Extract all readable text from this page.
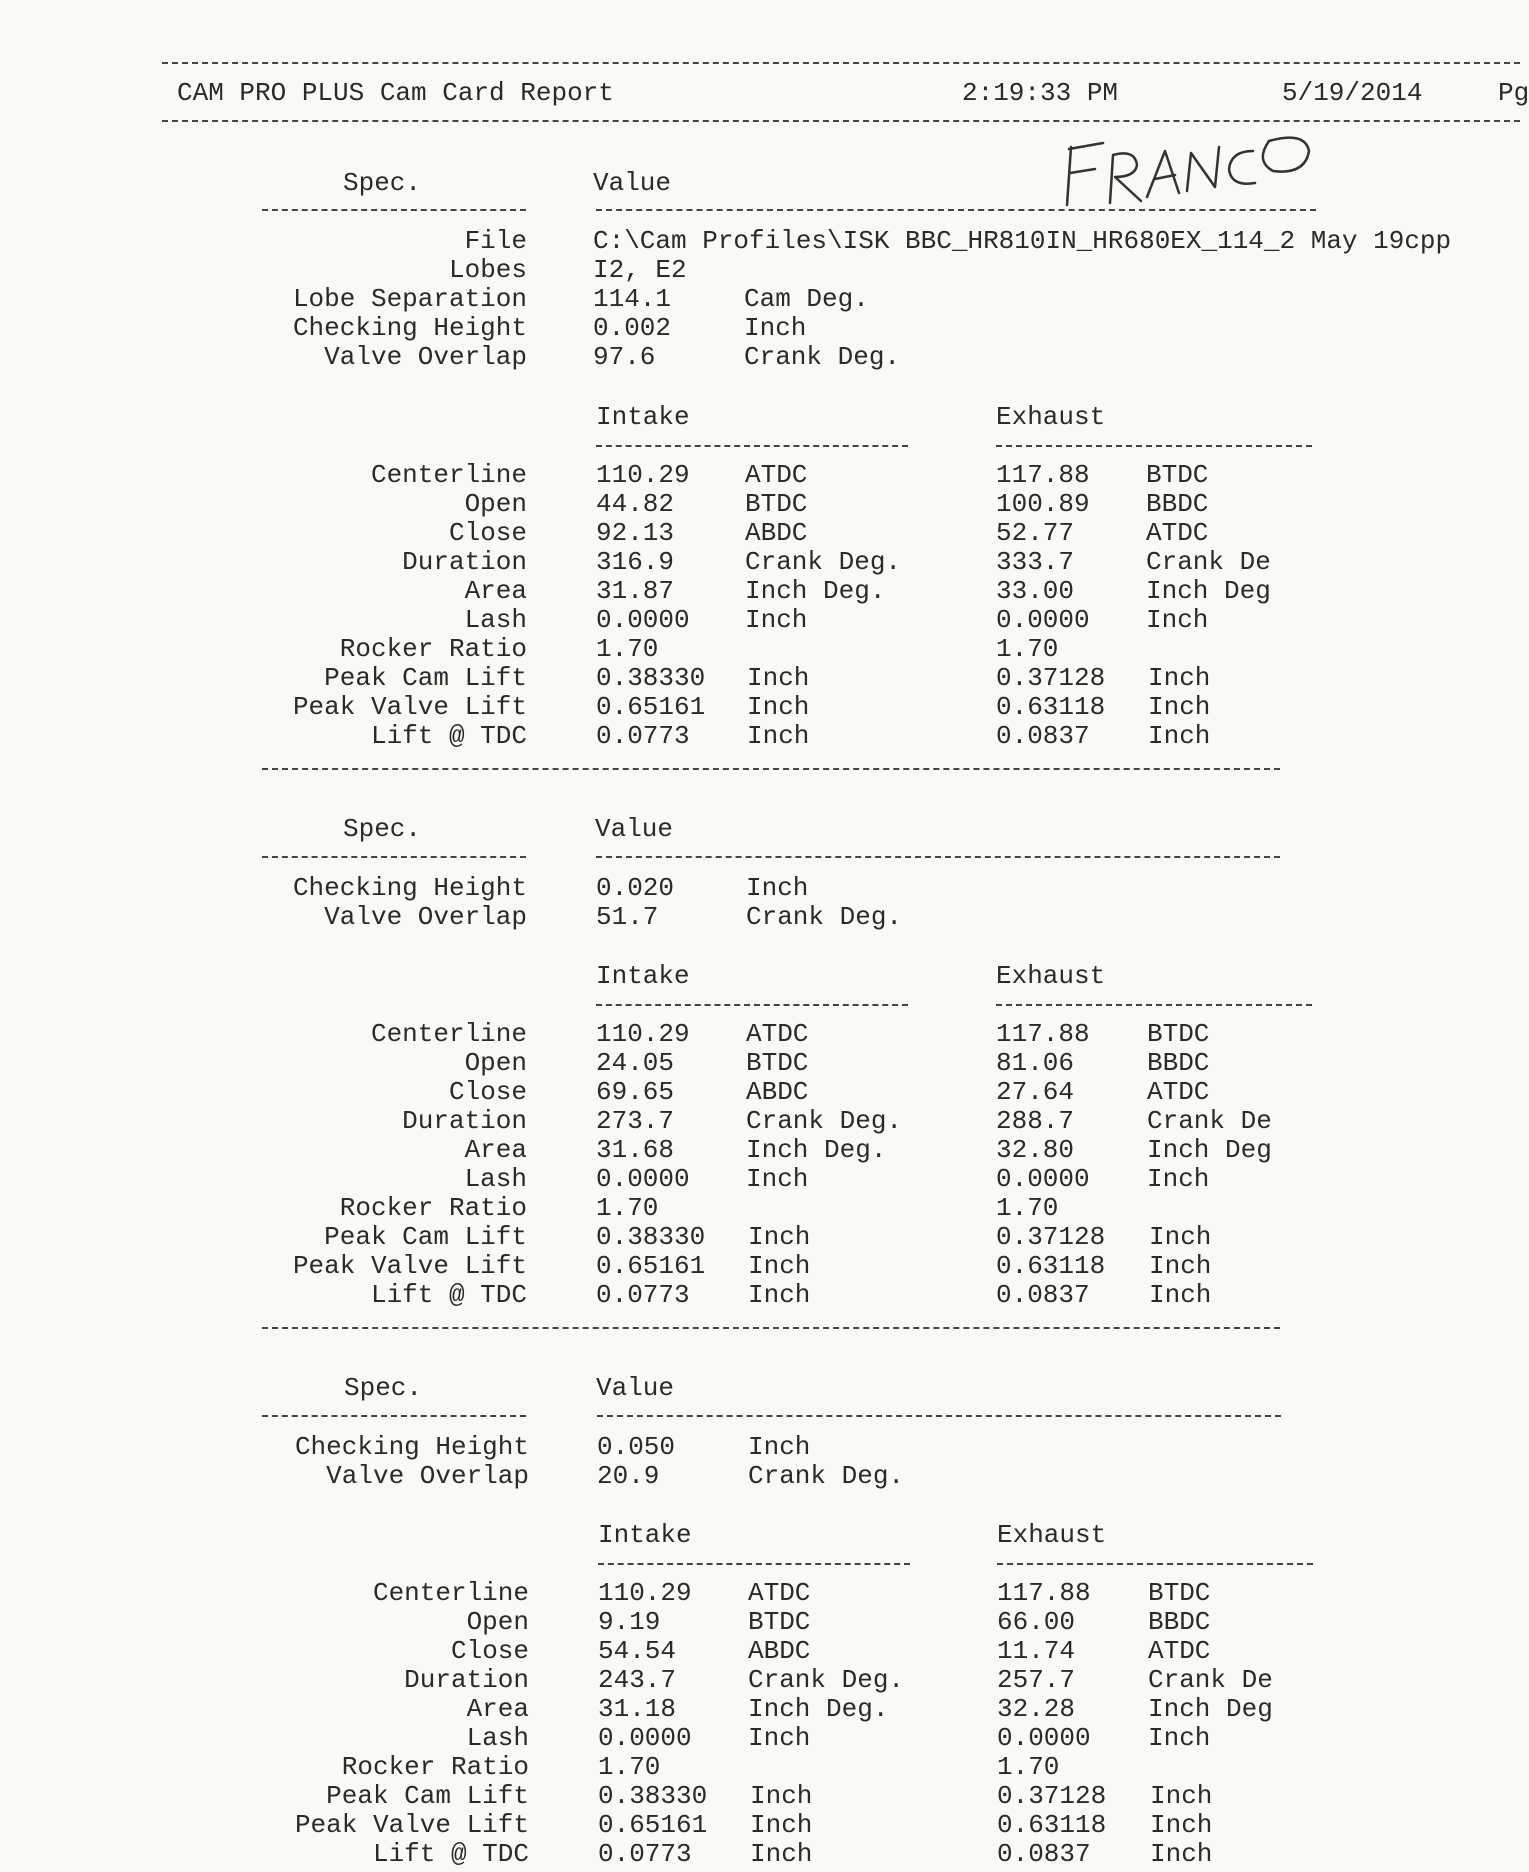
CAM PRO PLUS Cam Card Report	2:19:33 PM	5/19/2014	Pg
Spec.	Value
File	C:\Cam Profiles\ISK BBC_HR810IN_HR680EX_114_2 May 19cpp
Lobes	I2, E2
Lobe Separation	114.1	Cam Deg.
Checking Height	0.002	Inch
Valve Overlap	97.6	Crank Deg.
Intake	Exhaust
Centerline	110.29 ATDC	117.88 BTDC
Open	44.82	BTDC	100.89 BBDC
Close	92.13	ABDC	52.77	ATDC
Duration	316.9	Crank Deg.	333.7	Crank De
Area	31.87	Inch Deg.	33.00	Inch Deg
Lash	0.0000 Inch	0.0000 Inch
Rocker Ratio	1.70	1.70
Peak Cam Lift	0.38330 Inch	0.37128 Inch
Peak Valve Lift	0.65161 Inch	0.63118 Inch
Lift @ TDC	0.0773 Inch	0.0837 Inch
Spec.	Value
Checking Height	0.020	Inch
Valve Overlap	51.7	Crank Deg.
Intake	Exhaust
Centerline	110.29 ATDC	117.88 BTDC
Open	24.05	BTDC	81.06	BBDC
Close	69.65	ABDC	27.64	ATDC
Duration	273.7	Crank Deg.	288.7	Crank De
Area	31.68	Inch Deg.	32.80	Inch Deg
Lash	0.0000 Inch	0.0000 Inch
Rocker Ratio	1.70	1.70
Peak Cam Lift	0.38330 Inch	0.37128 Inch
Peak Valve Lift	0.65161 Inch	0.63118 Inch
Lift @ TDC	0.0773 Inch	0.0837 Inch
Spec.	Value
Checking Height	0.050	Inch
Valve Overlap	20.9	Crank Deg.
Intake	Exhaust
Centerline	110.29 ATDC	117.88 BTDC
Open	9.19	BTDC	66.00	BBDC
Close	54.54	ABDC	11.74	ATDC
Duration	243.7	Crank Deg.	257.7	Crank De
Area	31.18	Inch Deg.	32.28	Inch Deg
Lash	0.0000 Inch	0.0000 Inch
Rocker Ratio	1.70	1.70
Peak Cam Lift	0.38330 Inch	0.37128 Inch
Peak Valve Lift	0.65161 Inch	0.63118 Inch
Lift @ TDC	0.0773 Inch	0.0837 Inch
